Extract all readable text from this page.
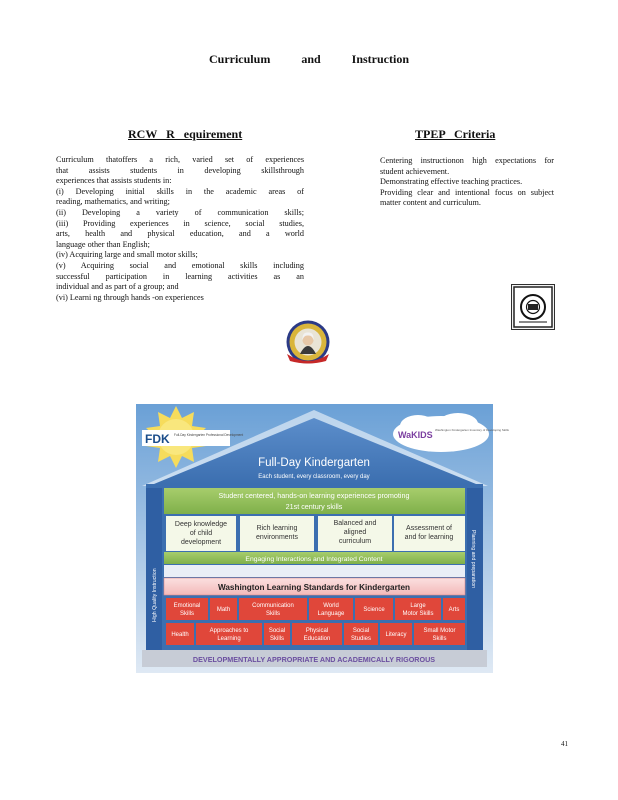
Curriculum and Instruction
RCW R equirement	TPEP Criteria
Curriculum thatoffers a rich, varied set of experiences
that assists students in developing skillsthrough
experiences that assists students in:
(i) Developing initial skills in the academic areas of
reading, mathematics, and writing;
(ii) Developing a variety of communication skills;
(iii) Providing experiences in science, social studies,
arts, health and physical education, and a world
language other than English;
(iv) Acquiring large and small motor skills;
(v) Acquiring social and emotional skills including
successful participation in learning activities as an
individual and as part of a group; and
(vi) Learni ng through hands -on experiences
Centering instructionon high expectations for student achievement.
Demonstrating effective teaching practices.
Providing clear and intentional focus on subject matter content and curriculum.
FDK Full-Day Kindergarten Professional Development	WaKIDS Washington Kindergarten Inventory of Developing Skills
Full-Day Kindergarten
Each student, every classroom, every day
High Quality Instruction
Planning and preparation
Student centered, hands-on learning experiences promoting
21st century skills
Deep knowledge
of child
development
Rich learning
environments
Balanced and
aligned
curriculum
Assessment of
and for learning
Engaging Interactions and Integrated Content
Washington Learning Standards for Kindergarten
Emotional
Skills
Math
Communication
Skills
World
Language
Science
Large
Motor Skills
Arts
Health
Approaches to
Learning
Social
Skills
Physical
Education
Social
Studies
Literacy
Small Motor
Skills
DEVELOPMENTALLY APPROPRIATE AND ACADEMICALLY RIGOROUS
41
